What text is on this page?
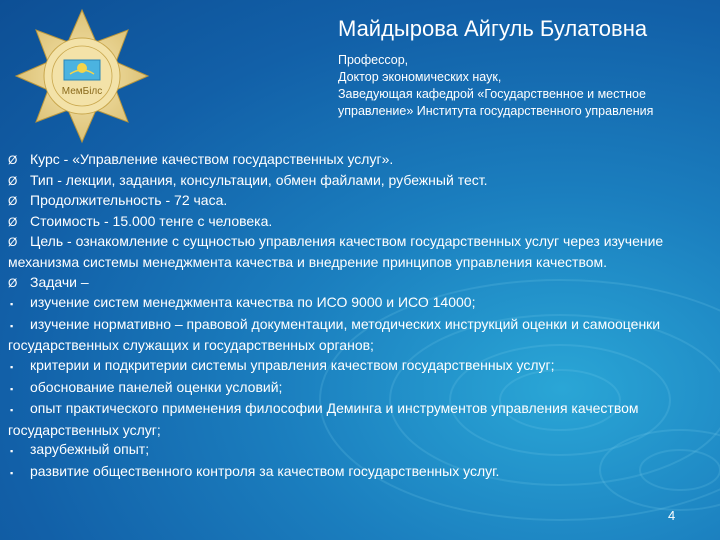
МемБілс
Майдырова Айгуль Булатовна
Профессор,
Доктор экономических наук,
Заведующая кафедрой «Государственное и местное
управление» Института государственного управления
Ø Курс - «Управление качеством государственных услуг».
Ø Тип - лекции, задания, консультации, обмен файлами, рубежный тест.
Ø Продолжительность - 72 часа.
Ø Стоимость - 15.000 тенге с человека.
Ø Цель - ознакомление с сущностью управления качеством государственных услуг через изучение механизма системы менеджмента качества и внедрение принципов управления качеством.
Ø Задачи –
▪ изучение систем менеджмента качества по ИСО 9000 и ИСО 14000;
▪ изучение нормативно – правовой документации, методических инструкций оценки и самооценки государственных служащих и государственных органов;
▪ критерии и подкритерии системы управления качеством государственных услуг;
▪ обоснование панелей оценки условий;
▪ опыт практического применения философии Деминга и инструментов управления качеством государственных услуг;
▪ зарубежный опыт;
▪ развитие общественного контроля за качеством государственных услуг.
4
